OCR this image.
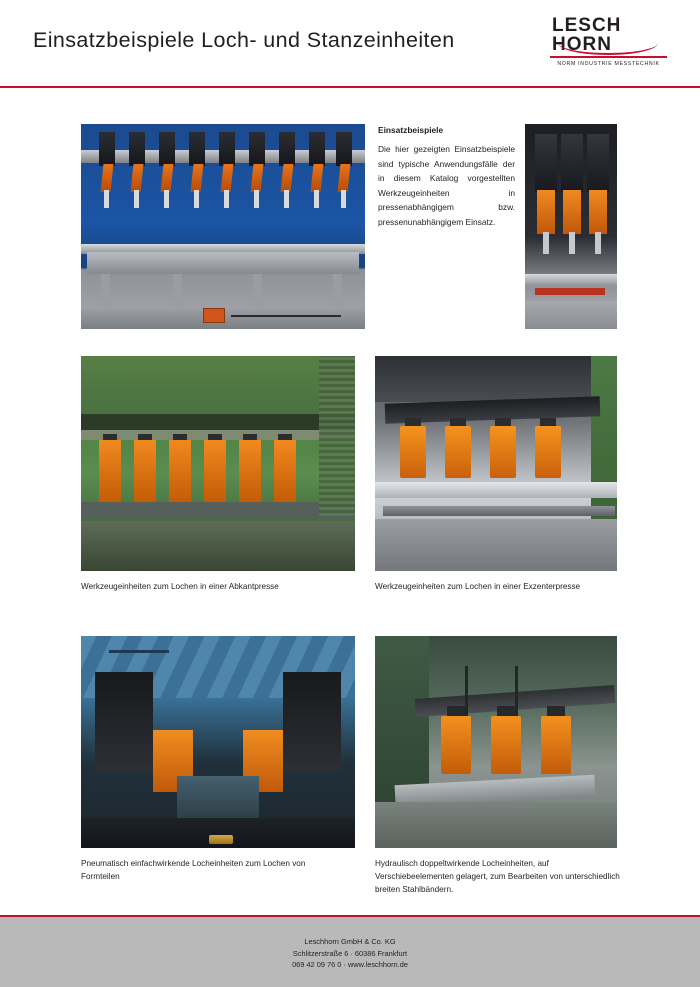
Einsatzbeispiele Loch- und Stanzeinheiten
LESCH
HORN
NORM INDUSTRIE MESSTECHNIK
Einsatzbeispiele
Die hier gezeigten Einsatzbeispiele sind typische Anwendungsfälle der in diesem Katalog vorgestellten Werkzeugeinheiten in pressenabhängigem bzw. pressenunabhängigem Einsatz.
Werkzeugeinheiten zum Lochen in einer Abkantpresse	Werkzeugeinheiten zum Lochen in einer Exzenterpresse
Pneumatisch einfachwirkende Locheinheiten zum Lochen von Formteilen
Hydraulisch doppeltwirkende Locheinheiten, auf Verschiebeelementen gelagert, zum Bearbeiten von unterschiedlich breiten Stahlbändern.
Leschhorn GmbH & Co. KG
Schlitzerstraße 6 · 60386 Frankfurt
069 42 09 76 0 · www.leschhorn.de
